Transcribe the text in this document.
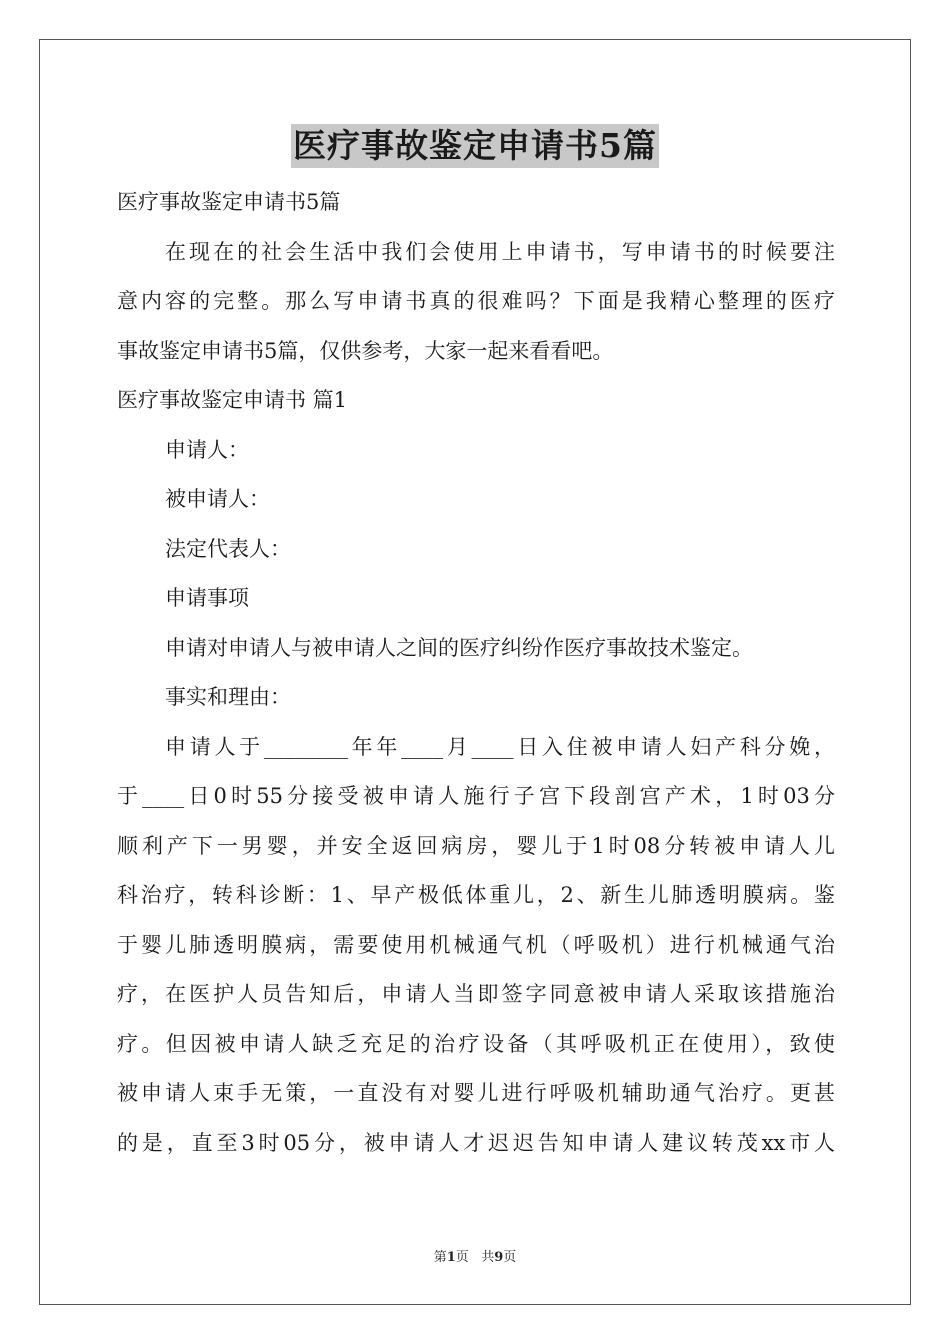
医疗事故鉴定申请书5篇
医疗事故鉴定申请书5篇
在现在的社会生活中我们会使用上申请书，写申请书的时候要注
意内容的完整。那么写申请书真的很难吗？下面是我精心整理的医疗
事故鉴定申请书5篇，仅供参考，大家一起来看看吧。
医疗事故鉴定申请书 篇1
申请人：
被申请人：
法定代表人：
申请事项
申请对申请人与被申请人之间的医疗纠纷作医疗事故技术鉴定。
事实和理由：
申请人于________年年____月____日入住被申请人妇产科分娩，
于____日0时55分接受被申请人施行子宫下段剖宫产术，1时03分
顺利产下一男婴，并安全返回病房，婴儿于1时08分转被申请人儿
科治疗，转科诊断：1、早产极低体重儿，2、新生儿肺透明膜病。鉴
于婴儿肺透明膜病，需要使用机械通气机（呼吸机）进行机械通气治
疗，在医护人员告知后，申请人当即签字同意被申请人采取该措施治
疗。但因被申请人缺乏充足的治疗设备（其呼吸机正在使用），致使
被申请人束手无策，一直没有对婴儿进行呼吸机辅助通气治疗。更甚
的是，直至3时05分，被申请人才迟迟告知申请人建议转茂xx市人
第1页 共9页
